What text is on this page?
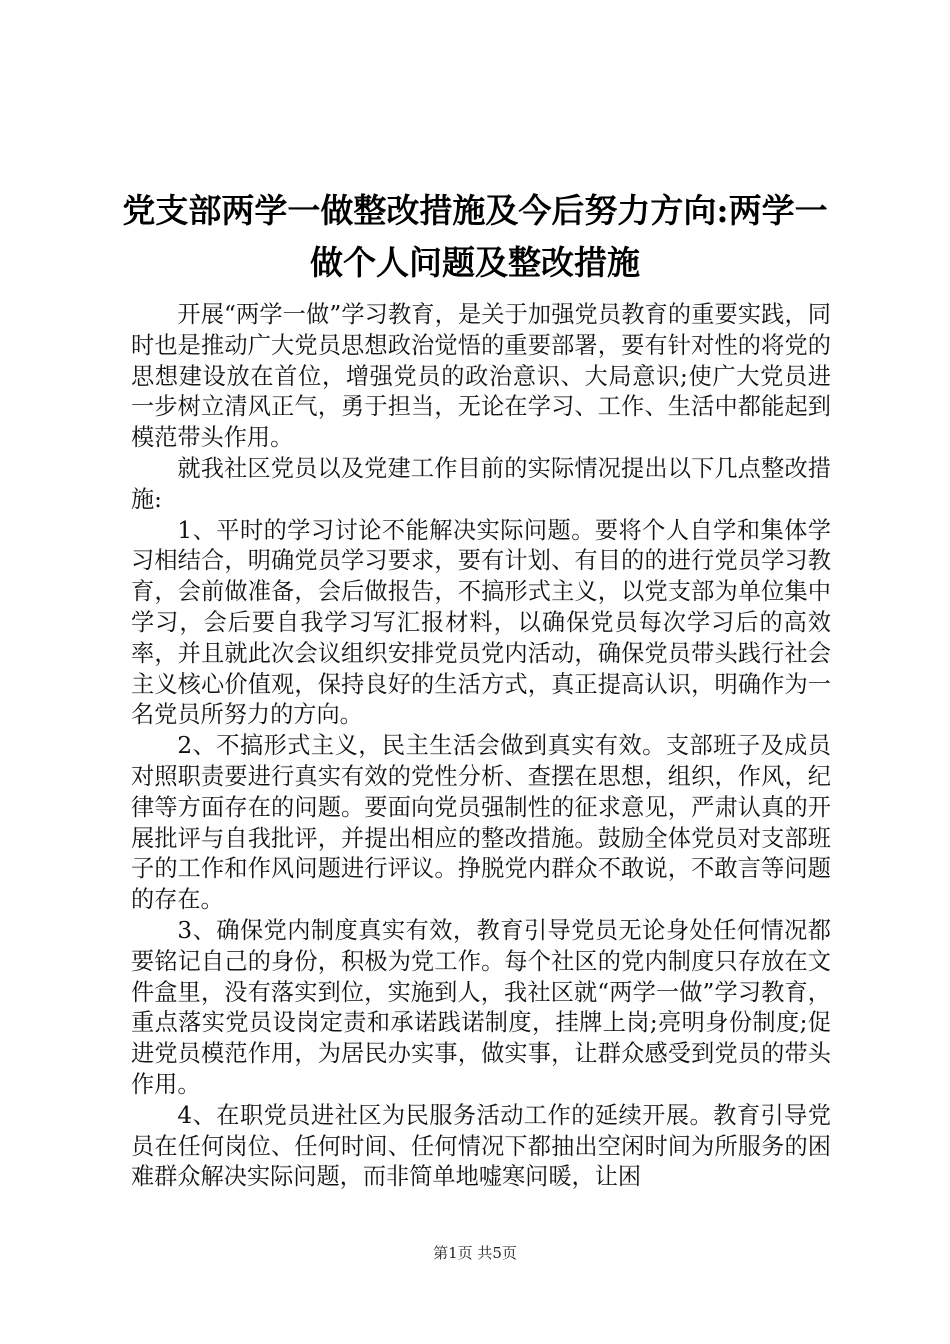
党支部两学一做整改措施及今后努力方向:两学一做个人问题及整改措施

开展“两学一做”学习教育，是关于加强党员教育的重要实践，同时也是推动广大党员思想政治觉悟的重要部署，要有针对性的将党的思想建设放在首位，增强党员的政治意识、大局意识;使广大党员进一步树立清风正气，勇于担当，无论在学习、工作、生活中都能起到模范带头作用。

就我社区党员以及党建工作目前的实际情况提出以下几点整改措施:

1、平时的学习讨论不能解决实际问题。要将个人自学和集体学习相结合，明确党员学习要求，要有计划、有目的的进行党员学习教育，会前做准备，会后做报告，不搞形式主义，以党支部为单位集中学习，会后要自我学习写汇报材料，以确保党员每次学习后的高效率，并且就此次会议组织安排党员党内活动，确保党员带头践行社会主义核心价值观，保持良好的生活方式，真正提高认识，明确作为一名党员所努力的方向。

2、不搞形式主义，民主生活会做到真实有效。支部班子及成员对照职责要进行真实有效的党性分析、查摆在思想，组织，作风，纪律等方面存在的问题。要面向党员强制性的征求意见，严肃认真的开展批评与自我批评，并提出相应的整改措施。鼓励全体党员对支部班子的工作和作风问题进行评议。挣脱党内群众不敢说，不敢言等问题的存在。

3、确保党内制度真实有效，教育引导党员无论身处任何情况都要铭记自己的身份，积极为党工作。每个社区的党内制度只存放在文件盒里，没有落实到位，实施到人，我社区就“两学一做”学习教育，重点落实党员设岗定责和承诺践诺制度，挂牌上岗;亮明身份制度;促进党员模范作用，为居民办实事，做实事，让群众感受到党员的带头作用。

4、在职党员进社区为民服务活动工作的延续开展。教育引导党员在任何岗位、任何时间、任何情况下都抽出空闲时间为所服务的困难群众解决实际问题，而非简单地嘘寒问暖，让困

第1页 共5页
